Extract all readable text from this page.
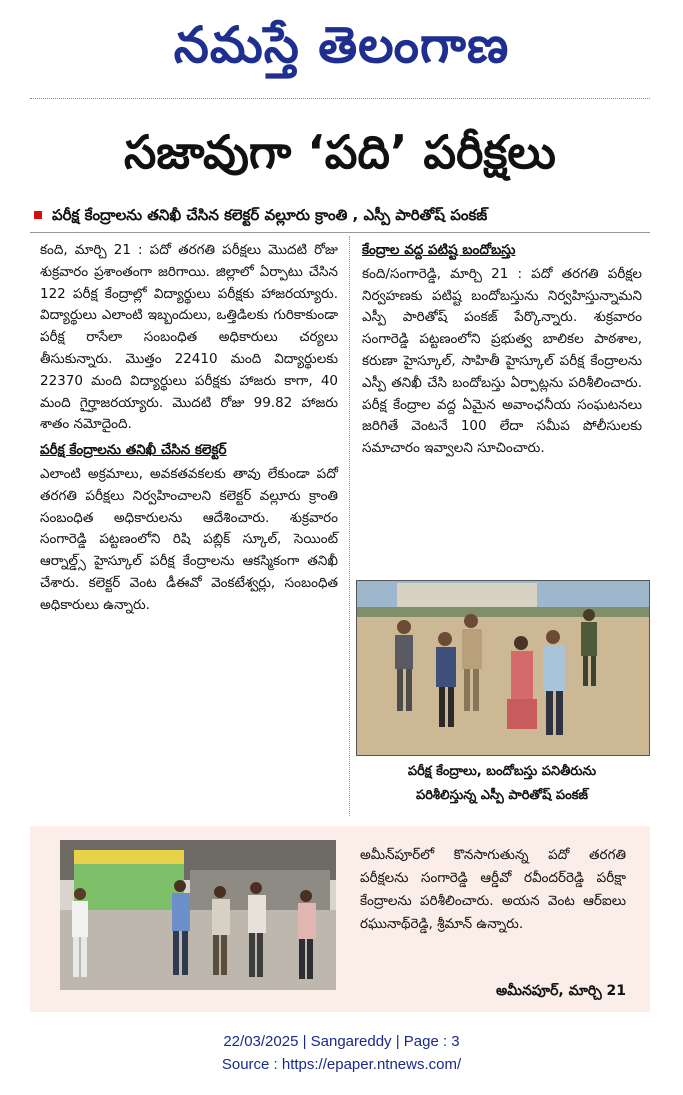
నమస్తే తెలంగాణ
సజావుగా ‘పది’ పరీక్షలు
పరీక్ష కేంద్రాలను తనిఖీ చేసిన కలెక్టర్ వల్లూరు క్రాంతి , ఎస్పీ పారితోష్ పంకజ్

కంది, మార్చి 21 : పదో తరగతి పరీక్షలు మొదటి రోజు శుక్రవారం ప్రశాంతంగా జరిగాయి. జిల్లాలో ఏర్పాటు చేసిన 122 పరీక్ష కేంద్రాల్లో విద్యార్థులు పరీక్షకు హాజరయ్యారు. విద్యార్థులు ఎలాంటి ఇబ్బందులు, ఒత్తిడిలకు గురికాకుండా పరీక్ష రాసేలా సంబంధిత అధికారులు చర్యలు తీసుకున్నారు. మొత్తం 22410 మంది విద్యార్థులకు 22370 మంది విద్యార్థులు పరీక్షకు హాజరు కాగా, 40 మంది గైర్హాజరయ్యారు. మొదటి రోజు 99.82 హాజరు శాతం నమోదైంది.

పరీక్ష కేంద్రాలను తనిఖీ చేసిన కలెక్టర్

ఎలాంటి అక్రమాలు, అవకతవకలకు తావు లేకుండా పదో తరగతి పరీక్షలు నిర్వహించాలని కలెక్టర్ వల్లూరు క్రాంతి సంబంధిత అధికారులను ఆదేశించారు. శుక్రవారం సంగారెడ్డి పట్టణంలోని రిషి పబ్లిక్ స్కూల్, సెయింట్ ఆర్నాల్డ్స్ హైస్కూల్ పరీక్ష కేంద్రాలను ఆకస్మికంగా తనిఖీ చేశారు. కలెక్టర్ వెంట డీఈవో వెంకటేశ్వర్లు, సంబంధిత అధికారులు ఉన్నారు.

కేంద్రాల వద్ద పటిష్ట బందోబస్తు

కంది/సంగారెడ్డి, మార్చి 21 : పదో తరగతి పరీక్షల నిర్వహణకు పటిష్ట బందోబస్తును నిర్వహిస్తున్నామని ఎస్పీ పారితోష్ పంకజ్ పేర్కొన్నారు. శుక్రవారం సంగారెడ్డి పట్టణంలోని ప్రభుత్వ బాలికల పాఠశాల, కరుణా హైస్కూల్, సాహితీ హైస్కూల్ పరీక్ష కేంద్రాలను ఎస్పీ తనిఖీ చేసి బందోబస్తు ఏర్పాట్లను పరిశీలించారు. పరీక్ష కేంద్రాల వద్ద ఏమైన అవాంఛనీయ సంఘటనలు జరిగితే వెంటనే 100 లేదా సమీప పోలీసులకు సమాచారం ఇవ్వాలని సూచించారు.

పరీక్ష కేంద్రాలు, బందోబస్తు పనితీరును
పరిశీలిస్తున్న ఎస్పీ పారితోష్ పంకజ్
అమీన్‌పూర్‌లో కొనసాగుతున్న పదో తరగతి పరీక్షలను సంగారెడ్డి ఆర్డీవో రవీందర్‌రెడ్డి పరీక్షా కేంద్రాలను పరిశీలించారు. అయన వెంట ఆర్ఐలు రఘునాథ్‌రెడ్డి, శ్రీమాన్ ఉన్నారు.
అమీనపూర్, మార్చి 21
22/03/2025 | Sangareddy | Page : 3
Source : https://epaper.ntnews.com/
